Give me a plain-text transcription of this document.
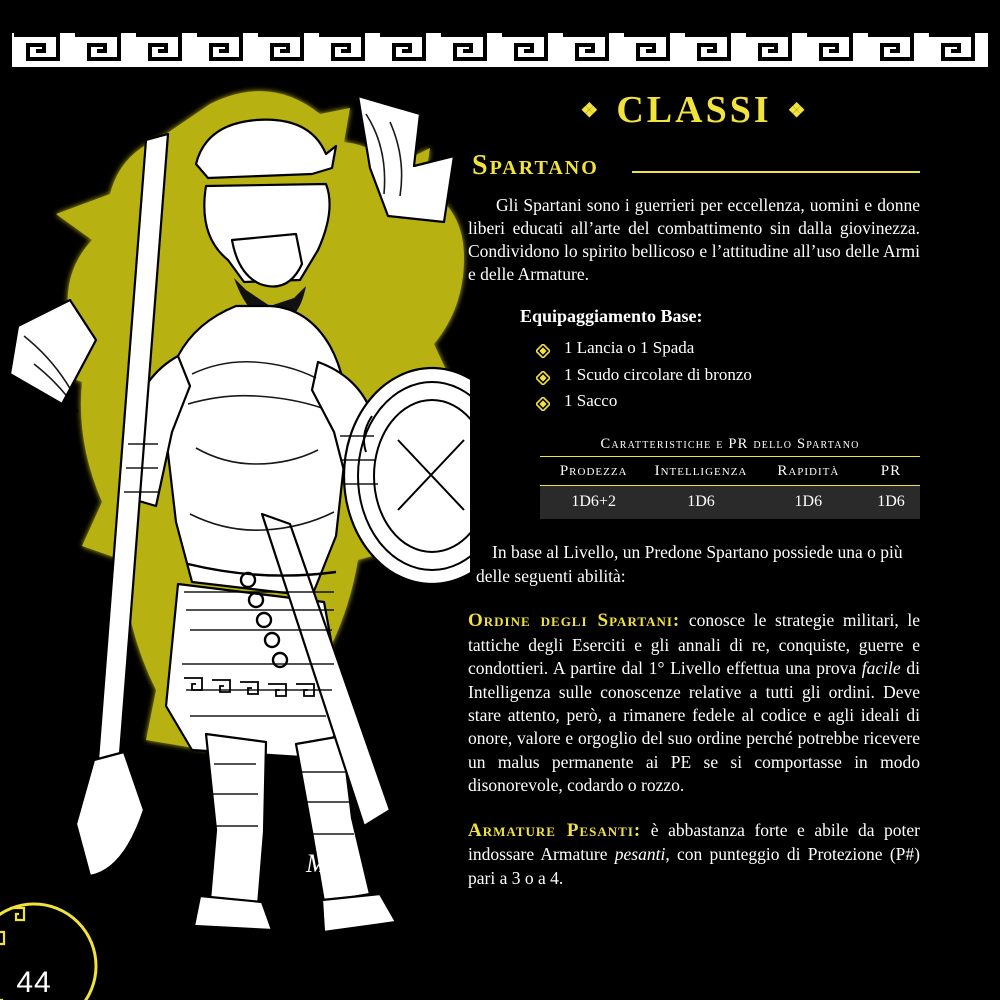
Mo
44
❖ CLASSI ❖
Spartano

Gli Spartani sono i guerrieri per eccellenza, uomini e donne liberi educati all’arte del combattimento sin dalla giovinezza. Condividono lo spirito bellicoso e l’attitudine all’uso delle Armi e delle Armature.

Equipaggiamento Base:
1 Lancia o 1 Spada
1 Scudo circolare di bronzo
1 Sacco
Caratteristiche e PR dello Spartano
Prodezza	Intelligenza	Rapidità	PR
1D6+2	1D6	1D6	1D6

In base al Livello, un Predone Spartano possiede una o più delle seguenti abilità:

Ordine degli Spartani: conosce le strategie militari, le tattiche degli Eserciti e gli annali di re, conquiste, guerre e condottieri. A partire dal 1° Livello effettua una prova facile di Intelligenza sulle conoscenze relative a tutti gli ordini. Deve stare attento, però, a rimanere fedele al codice e agli ideali di onore, valore e orgoglio del suo ordine perché potrebbe ricevere un malus permanente ai PE se si comportasse in modo disonorevole, codardo o rozzo.

Armature Pesanti: è abbastanza forte e abile da poter indossare Armature pesanti, con punteggio di Protezione (P#) pari a 3 o a 4.
